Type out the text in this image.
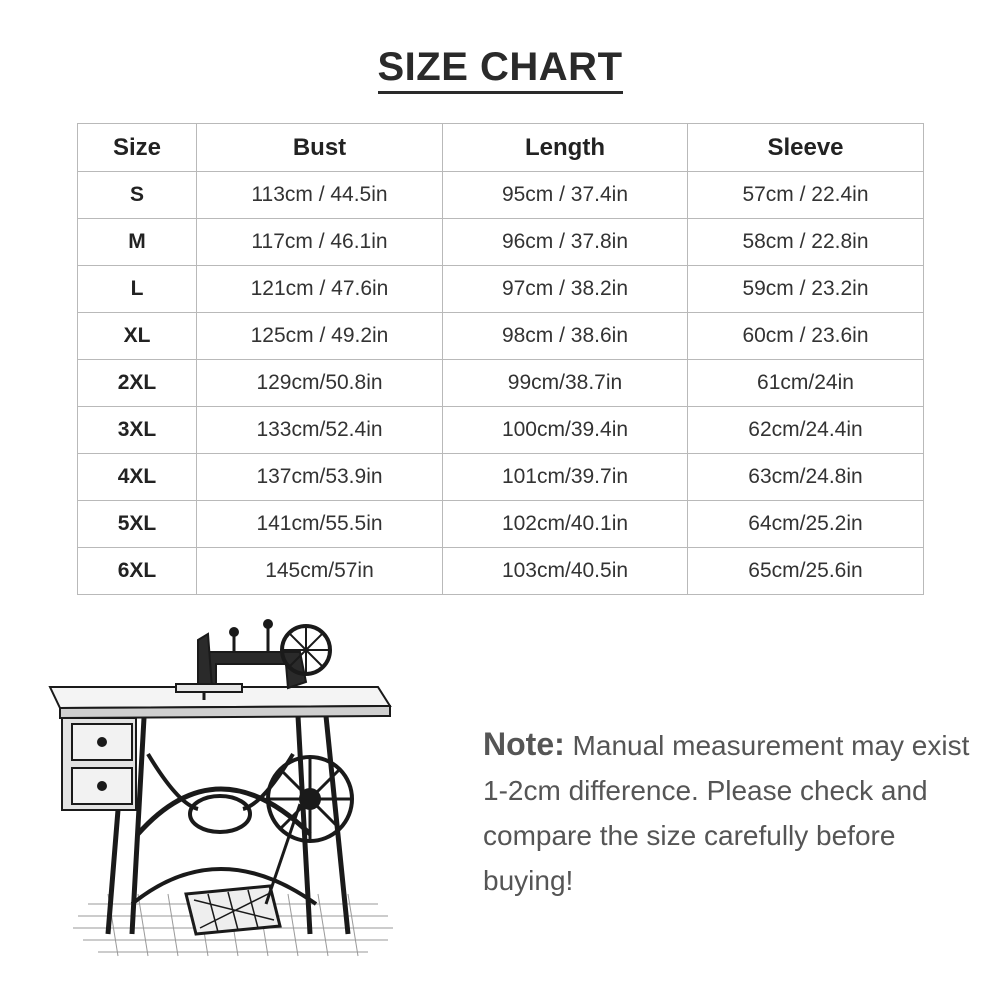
SIZE CHART
Size	Bust	Length	Sleeve
S	113cm / 44.5in	95cm / 37.4in	57cm / 22.4in
M	117cm / 46.1in	96cm / 37.8in	58cm / 22.8in
L	121cm / 47.6in	97cm / 38.2in	59cm / 23.2in
XL	125cm / 49.2in	98cm / 38.6in	60cm / 23.6in
2XL	129cm/50.8in	99cm/38.7in	61cm/24in
3XL	133cm/52.4in	100cm/39.4in	62cm/24.4in
4XL	137cm/53.9in	101cm/39.7in	63cm/24.8in
5XL	141cm/55.5in	102cm/40.1in	64cm/25.2in
6XL	145cm/57in	103cm/40.5in	65cm/25.6in
Note: Manual measurement may exist 1-2cm difference. Please check and compare the size carefully before buying!
